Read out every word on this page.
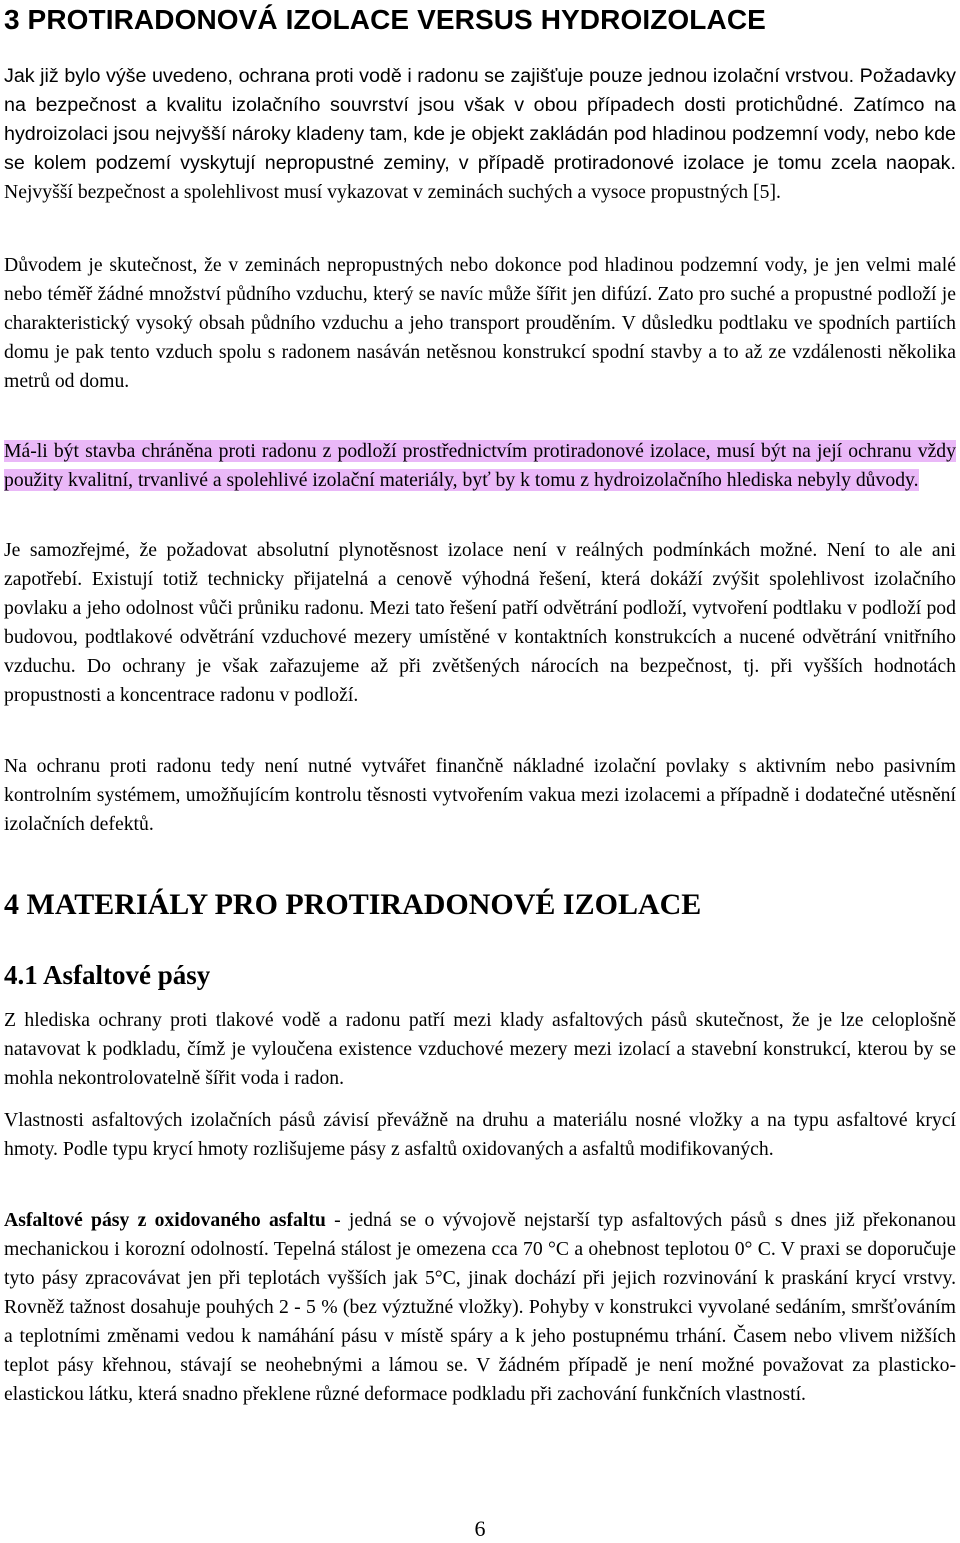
3 PROTIRADONOVÁ IZOLACE VERSUS HYDROIZOLACE

Jak již bylo výše uvedeno, ochrana proti vodě i radonu se zajišťuje pouze jednou izolační vrstvou. Požadavky na bezpečnost a kvalitu izolačního souvrství jsou však v obou případech dosti protichůdné. Zatímco na hydroizolaci jsou nejvyšší nároky kladeny tam, kde je objekt zakládán pod hladinou podzemní vody, nebo kde se kolem podzemí vyskytují nepropustné zeminy, v případě protiradonové izolace je tomu zcela naopak. Nejvyšší bezpečnost a spolehlivost musí vykazovat v zeminách suchých a vysoce propustných [5].

Důvodem je skutečnost, že v zeminách nepropustných nebo dokonce pod hladinou podzemní vody, je jen velmi malé nebo téměř žádné množství půdního vzduchu, který se navíc může šířit jen difúzí. Zato pro suché a propustné podloží je charakteristický vysoký obsah půdního vzduchu a jeho transport prouděním. V důsledku podtlaku ve spodních partiích domu je pak tento vzduch spolu s radonem nasáván netěsnou konstrukcí spodní stavby a to až ze vzdálenosti několika metrů od domu.

Má-li být stavba chráněna proti radonu z podloží prostřednictvím protiradonové izolace, musí být na její ochranu vždy použity kvalitní, trvanlivé a spolehlivé izolační materiály, byť by k tomu z hydroizolačního hlediska nebyly důvody.

Je samozřejmé, že požadovat absolutní plynotěsnost izolace není v reálných podmínkách možné. Není to ale ani zapotřebí. Existují totiž technicky přijatelná a cenově výhodná řešení, která dokáží zvýšit spolehlivost izolačního povlaku a jeho odolnost vůči průniku radonu. Mezi tato řešení patří odvětrání podloží, vytvoření podtlaku v podloží pod budovou, podtlakové odvětrání vzduchové mezery umístěné v kontaktních konstrukcích a nucené odvětrání vnitřního vzduchu. Do ochrany je však zařazujeme až při zvětšených nárocích na bezpečnost, tj. při vyšších hodnotách propustnosti a koncentrace radonu v podloží.

Na ochranu proti radonu tedy není nutné vytvářet finančně nákladné izolační povlaky s aktivním nebo pasivním kontrolním systémem, umožňujícím kontrolu těsnosti vytvořením vakua mezi izolacemi a případně i dodatečné utěsnění izolačních defektů.

4 MATERIÁLY PRO PROTIRADONOVÉ IZOLACE
4.1 Asfaltové pásy

Z hlediska ochrany proti tlakové vodě a radonu patří mezi klady asfaltových pásů skutečnost, že je lze celoplošně natavovat k podkladu, čímž je vyloučena existence vzduchové mezery mezi izolací a stavební konstrukcí, kterou by se mohla nekontrolovatelně šířit voda i radon.

Vlastnosti asfaltových izolačních pásů závisí převážně na druhu a materiálu nosné vložky a na typu asfaltové krycí hmoty. Podle typu krycí hmoty rozlišujeme pásy z asfaltů oxidovaných a asfaltů modifikovaných.

Asfaltové pásy z oxidovaného asfaltu - jedná se o vývojově nejstarší typ asfaltových pásů s dnes již překonanou mechanickou i korozní odolností. Tepelná stálost je omezena cca 70 °C a ohebnost teplotou 0° C. V praxi se doporučuje tyto pásy zpracovávat jen při teplotách vyšších jak 5°C, jinak dochází při jejich rozvinování k praskání krycí vrstvy. Rovněž tažnost dosahuje pouhých 2 - 5 % (bez výztužné vložky). Pohyby v konstrukci vyvolané sedáním, smršťováním a teplotními změnami vedou k namáhání pásu v místě spáry a k jeho postupnému trhání. Časem nebo vlivem nižších teplot pásy křehnou, stávají se neohebnými a lámou se. V žádném případě je není možné považovat za plasticko-elastickou látku, která snadno překlene různé deformace podkladu při zachování funkčních vlastností.

6
